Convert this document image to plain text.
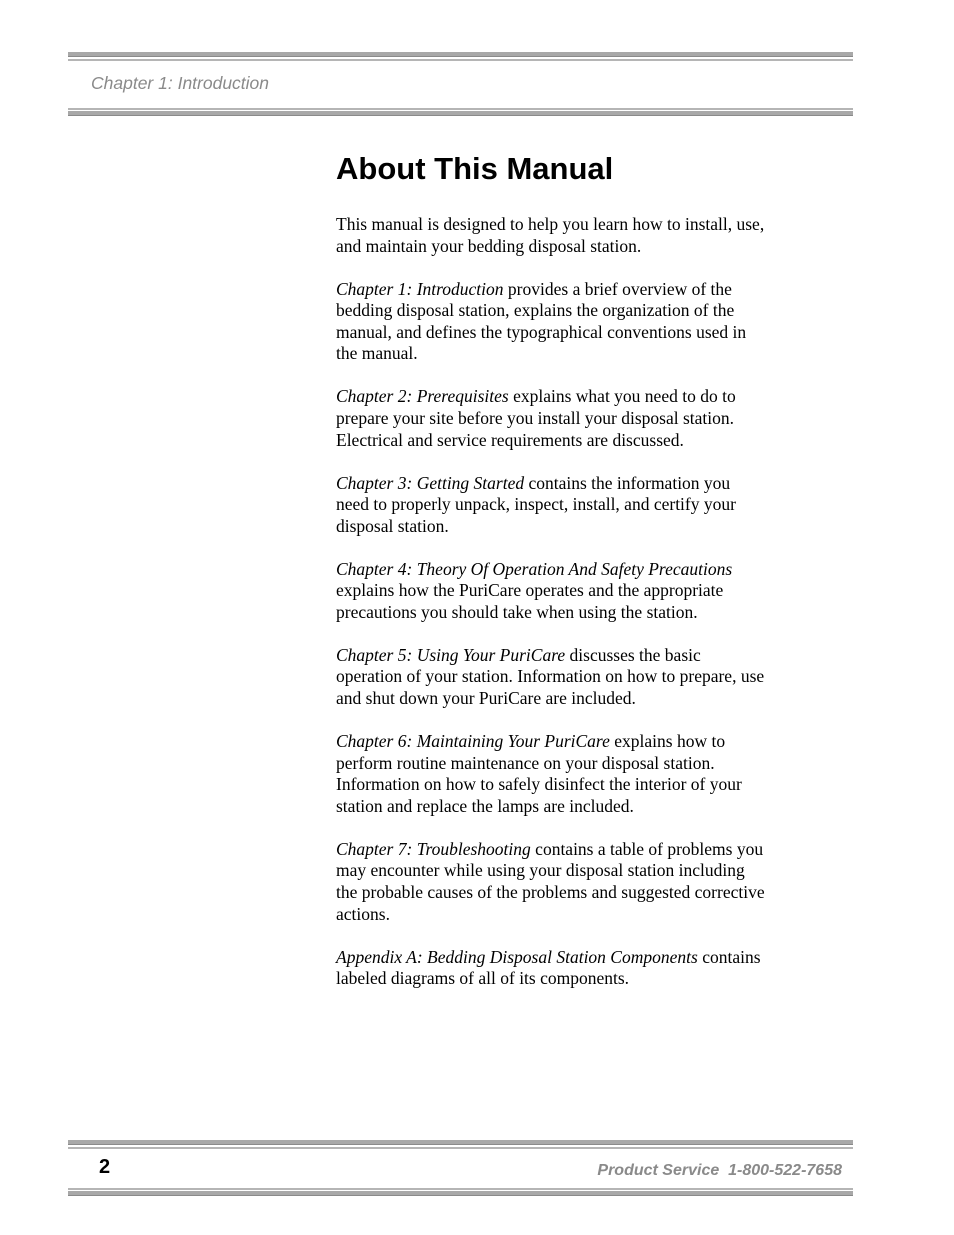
Chapter 1: Introduction

About This Manual

This manual is designed to help you learn how to install, use, and maintain your bedding disposal station.

Chapter 1: Introduction provides a brief overview of the bedding disposal station, explains the organization of the manual, and defines the typographical conventions used in the manual.

Chapter 2: Prerequisites explains what you need to do to prepare your site before you install your disposal station. Electrical and service requirements are discussed.

Chapter 3: Getting Started contains the information you need to properly unpack, inspect, install, and certify your disposal station.

Chapter 4: Theory Of Operation And Safety Precautions explains how the PuriCare operates and the appropriate precautions you should take when using the station.

Chapter 5: Using Your PuriCare discusses the basic operation of your station. Information on how to prepare, use and shut down your PuriCare are included.

Chapter 6: Maintaining Your PuriCare explains how to perform routine maintenance on your disposal station. Information on how to safely disinfect the interior of your station and replace the lamps are included.

Chapter 7: Troubleshooting contains a table of problems you may encounter while using your disposal station including the probable causes of the problems and suggested corrective actions.

Appendix A: Bedding Disposal Station Components contains labeled diagrams of all of its components.

2	Product Service  1-800-522-7658
